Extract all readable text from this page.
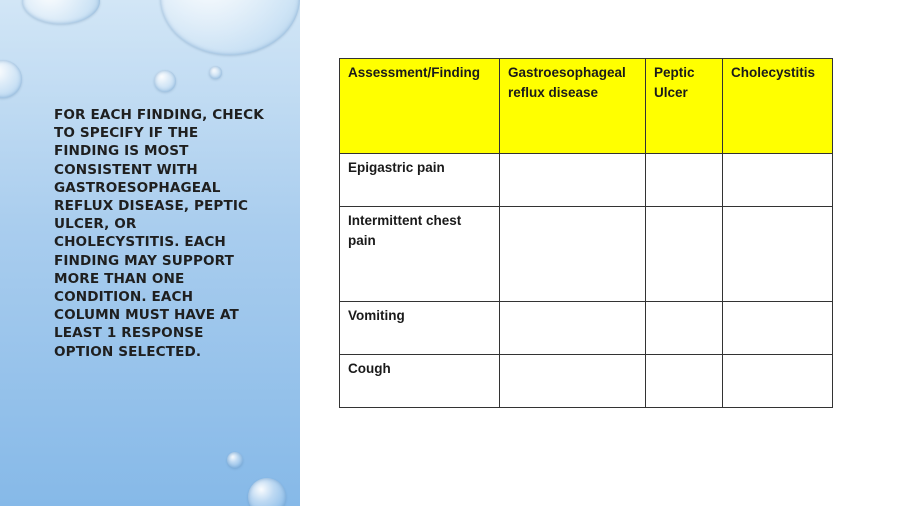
FOR EACH FINDING, CHECK TO SPECIFY IF THE FINDING IS MOST CONSISTENT WITH GASTROESOPHAGEAL REFLUX DISEASE, PEPTIC ULCER, OR CHOLECYSTITIS. EACH FINDING MAY SUPPORT MORE THAN ONE CONDITION. EACH COLUMN MUST HAVE AT LEAST 1 RESPONSE OPTION SELECTED.

Assessment/Finding	Gastroesophageal reflux disease	Peptic Ulcer	Cholecystitis
Epigastric pain			
Intermittent chest pain			
Vomiting			
Cough			
